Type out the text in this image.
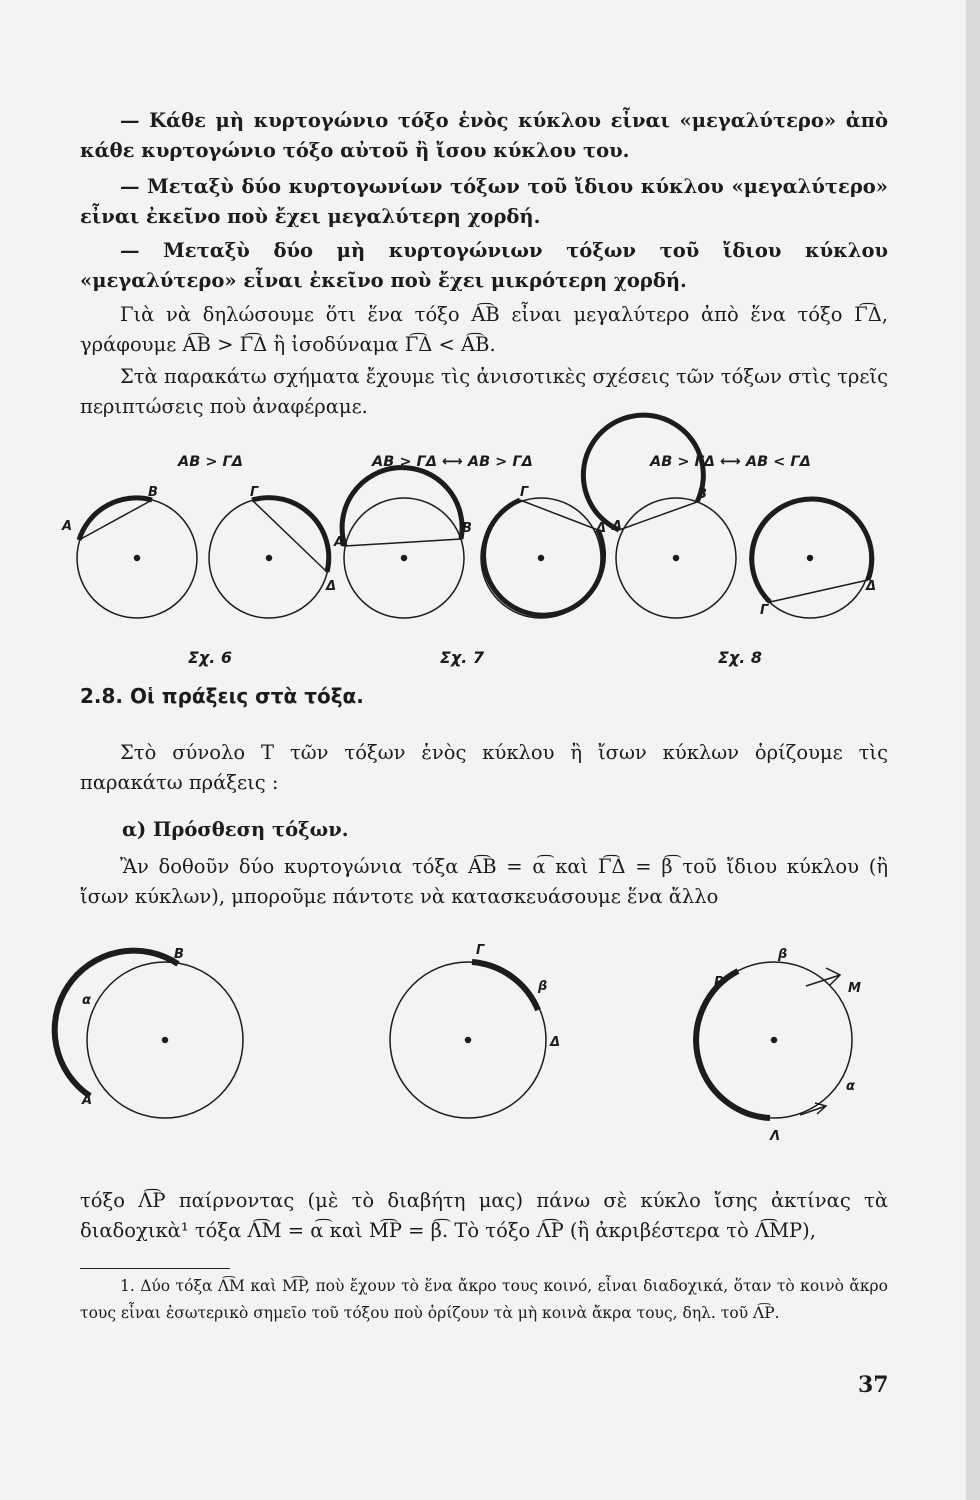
— Κάθε μὴ κυρτογώνιο τόξο ἑνὸς κύκλου εἶναι «μεγαλύτερο» ἀπὸ κάθε κυρτογώνιο τόξο αὐτοῦ ἢ ἴσου κύκλου του.
— Μεταξὺ δύο κυρτογωνίων τόξων τοῦ ἴδιου κύκλου «μεγαλύτερο» εἶναι ἐκεῖνο ποὺ ἔχει μεγαλύτερη χορδή.
— Μεταξὺ δύο μὴ κυρτογώνιων τόξων τοῦ ἴδιου κύκλου «μεγαλύτερο» εἶναι ἐκεῖνο ποὺ ἔχει μικρότερη χορδή.
Γιὰ νὰ δηλώσουμε ὅτι ἕνα τόξο A͡B εἶναι μεγαλύτερο ἀπὸ ἕνα τόξο Γ͡Δ, γράφουμε A͡B > Γ͡Δ ἢ ἰσοδύναμα Γ͡Δ < A͡B.
Στὰ παρακάτω σχήματα ἔχουμε τὶς ἀνισοτικὲς σχέσεις τῶν τόξων στὶς τρεῖς περιπτώσεις ποὺ ἀναφέραμε.
AB > ΓΔ	AB > ΓΔ ⟷ AB > ΓΔ	AB > ΓΔ ⟷ AB < ΓΔ
A
B	Γ
Δ
A
B
Γ
Δ A
B
Γ
Δ
α
B
A
Γ
β
Δ
β
P	M
α
Λ
Σχ. 6	Σχ. 7	Σχ. 8
2.8. Οἱ πράξεις στὰ τόξα.
Στὸ σύνολο T τῶν τόξων ἑνὸς κύκλου ἢ ἴσων κύκλων ὁρίζουμε τὶς παρακάτω πράξεις :
α) Πρόσθεση τόξων.
Ἂν δοθοῦν δύο κυρτογώνια τόξα A͡B = α͡ καὶ Γ͡Δ = β͡ τοῦ ἴδιου κύκλου (ἢ ἴσων κύκλων), μπορoῦμε πάντοτε νὰ κατασκευάσουμε ἕνα ἄλλο
τόξο Λ͡Ρ παίρνοντας (μὲ τὸ διαβήτη μας) πάνω σὲ κύκλο ἴσης ἀκτίνας τὰ διαδοχικὰ¹ τόξα Λ͡Μ = α͡ καὶ M͡P = β͡. Τὸ τόξο Λ͡Ρ (ἢ ἀκριβέστερα τὸ Λ͡ΜΡ),
1. Δύο τόξα Λ͡Μ καὶ M͡P, ποὺ ἔχουν τὸ ἕνα ἄκρο τους κοινό, εἶναι διαδοχικά, ὅταν τὸ κοινὸ ἄκρο τους εἶναι ἐσωτερικὸ σημεῖο τοῦ τόξου ποὺ ὁρίζουν τὰ μὴ κοινὰ ἄκρα τους, δηλ. τοῦ Λ͡Ρ.
37
